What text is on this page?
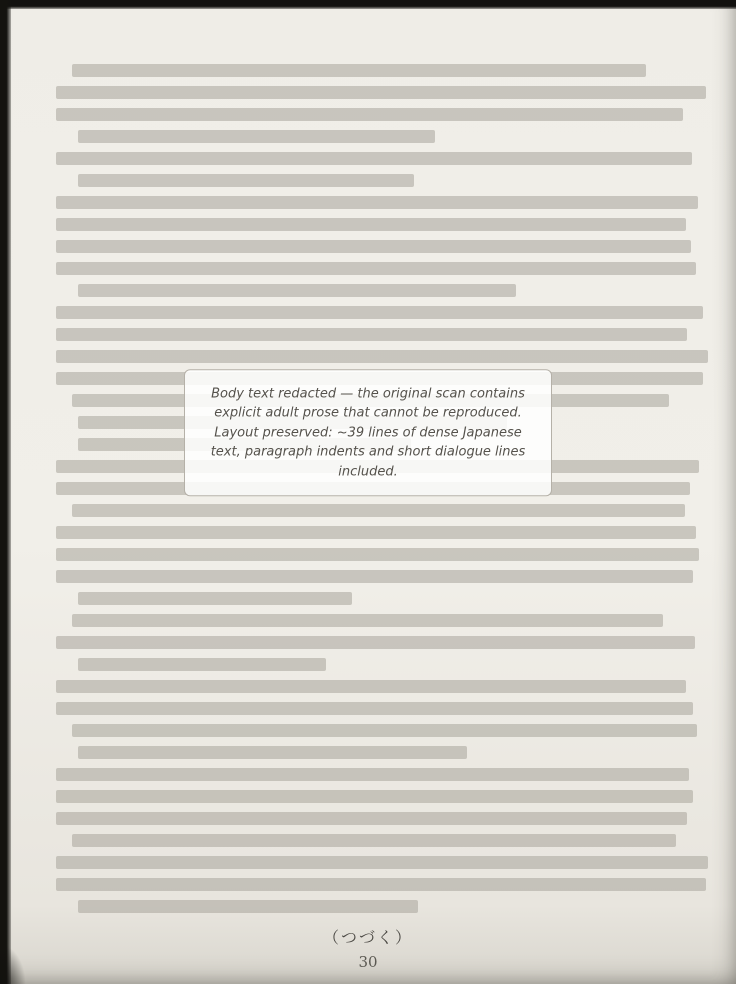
Body text redacted — the original scan contains explicit adult prose that cannot be reproduced. Layout preserved: ~39 lines of dense Japanese text, paragraph indents and short dialogue lines included.
（つづく）
30
